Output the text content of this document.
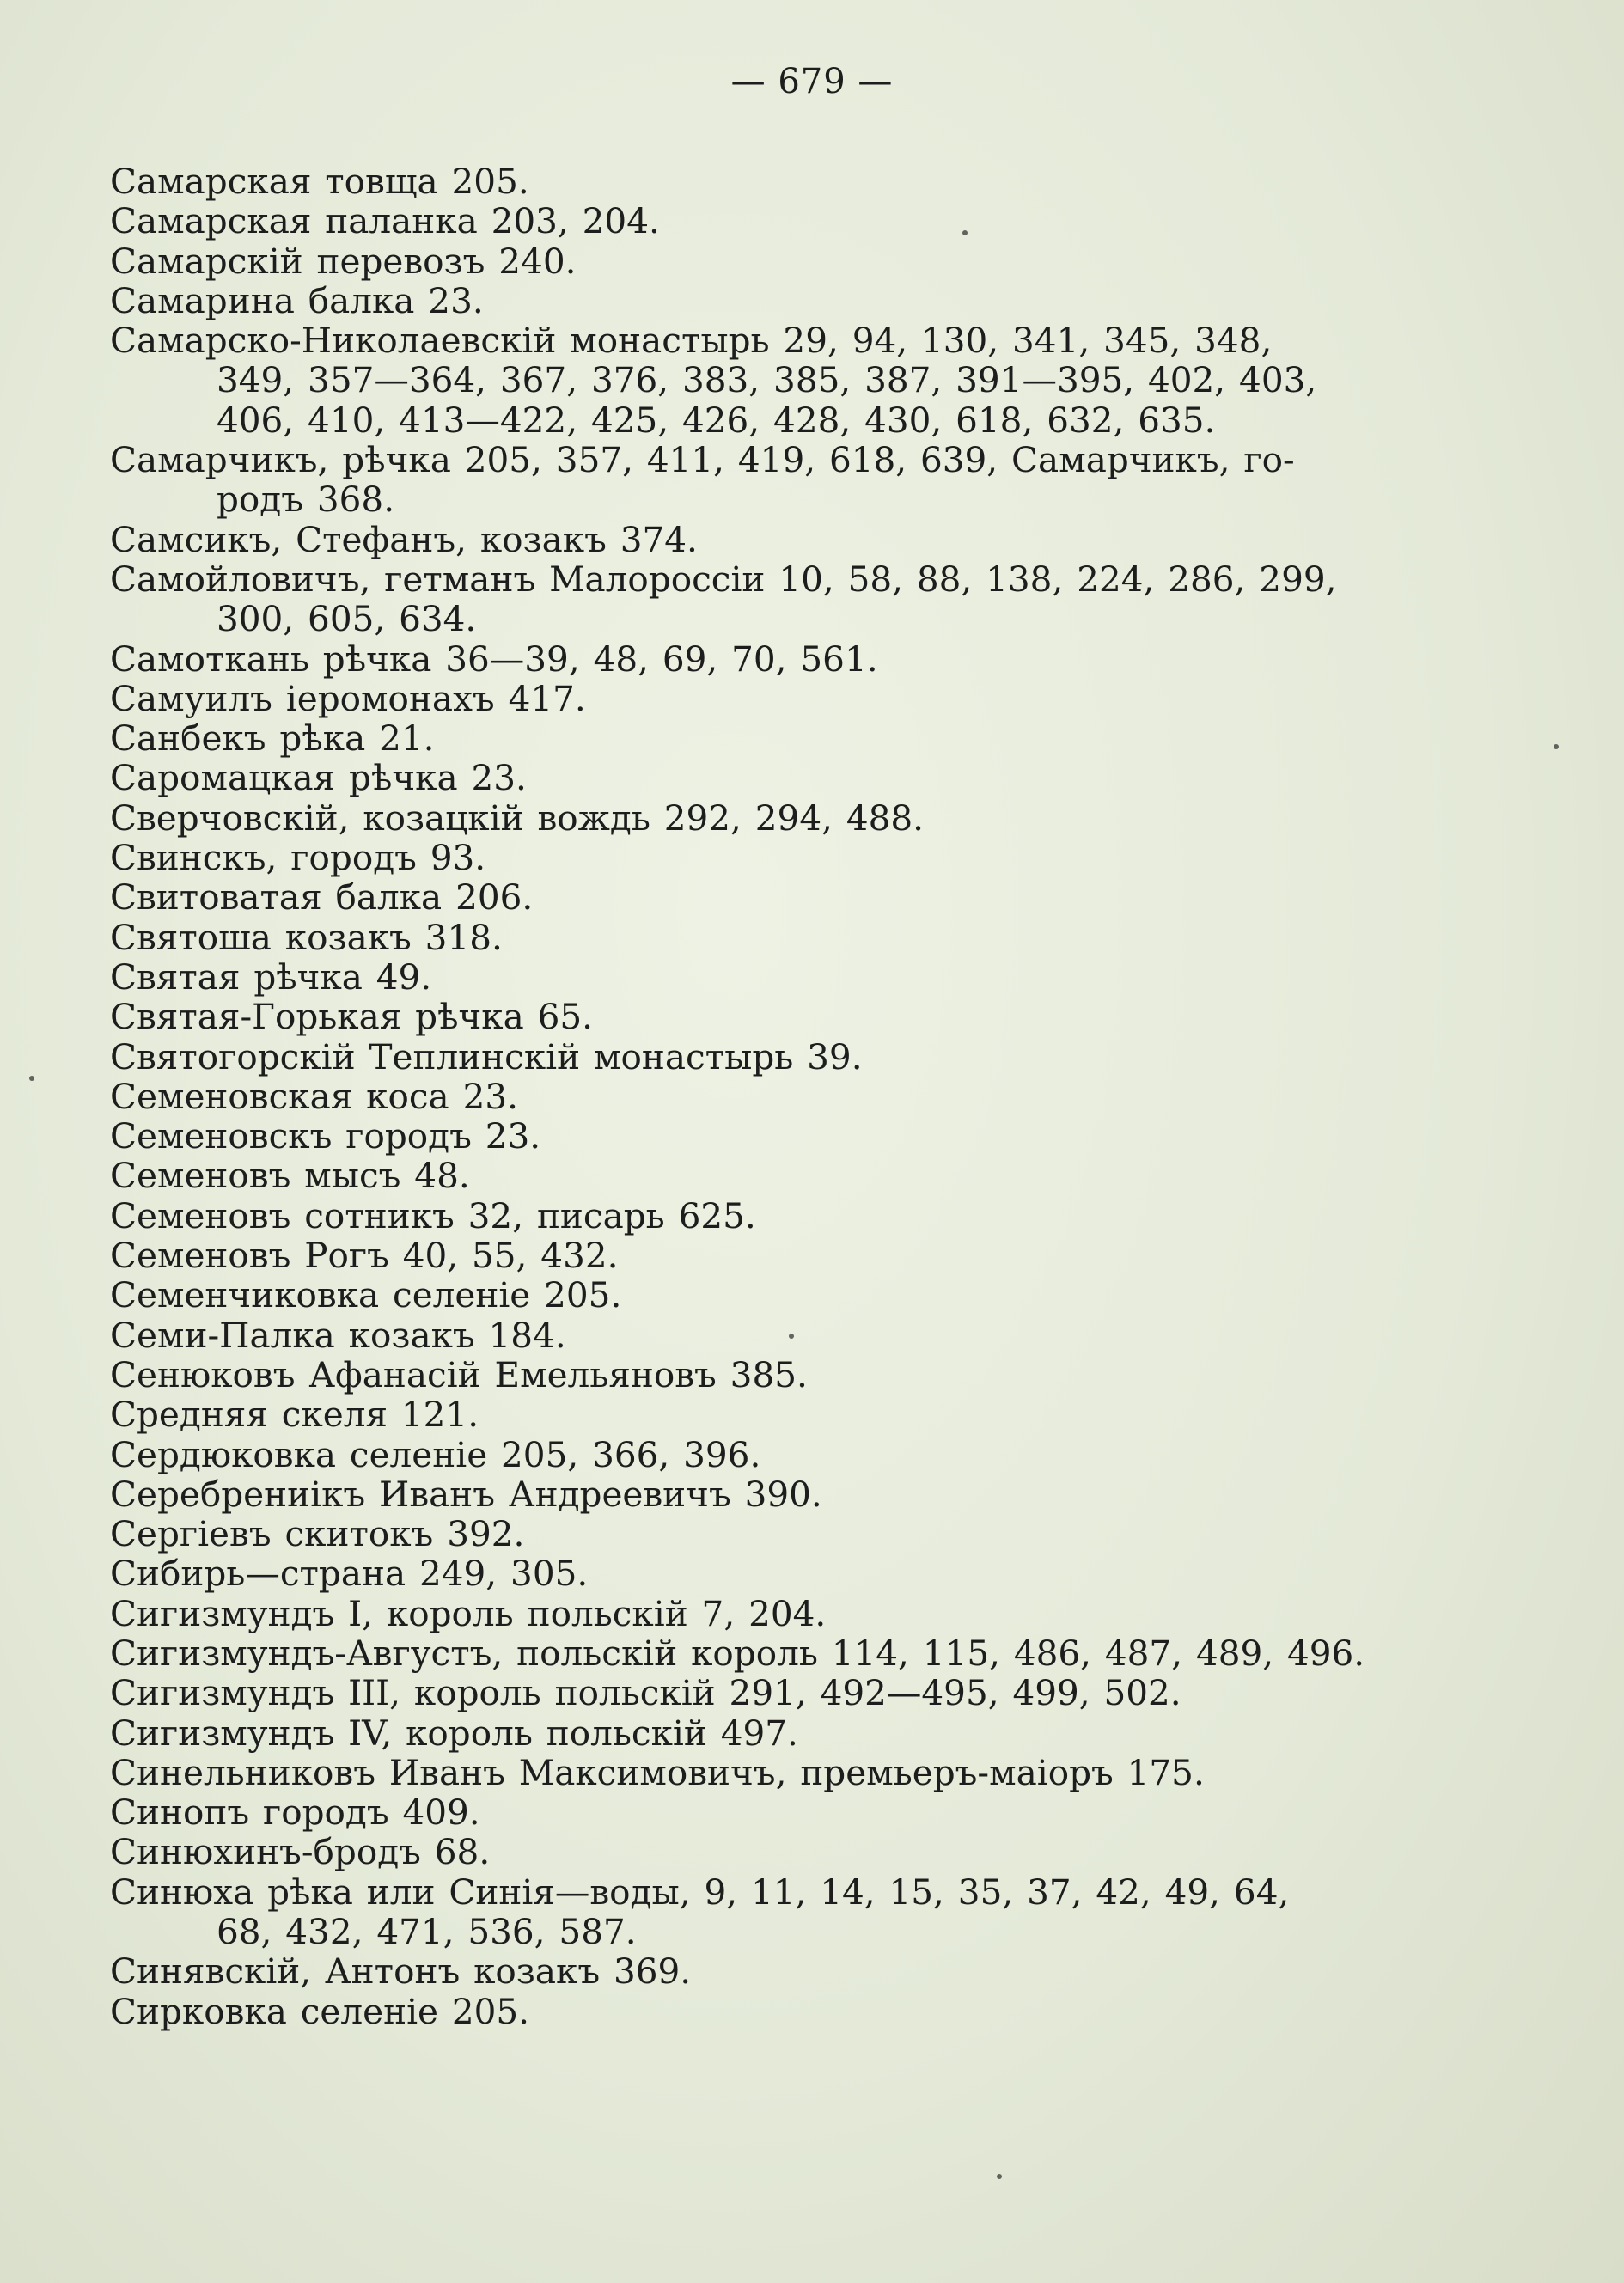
— 679 —
Самарская товща 205.
Самарская паланка 203, 204.
Самарскій перевозъ 240.
Самарина балка 23.
Самарско-Николаевскій монастырь 29, 94, 130, 341, 345, 348,
349, 357—364, 367, 376, 383, 385, 387, 391—395, 402, 403,
406, 410, 413—422, 425, 426, 428, 430, 618, 632, 635.
Самарчикъ, рѣчка 205, 357, 411, 419, 618, 639, Самарчикъ, го-
родъ 368.
Самсикъ, Стефанъ, козакъ 374.
Самойловичъ, гетманъ Малороссіи 10, 58, 88, 138, 224, 286, 299,
300, 605, 634.
Самоткань рѣчка 36—39, 48, 69, 70, 561.
Самуилъ іеромонахъ 417.
Санбекъ рѣка 21.
Саромацкая рѣчка 23.
Сверчовскій, козацкій вождь 292, 294, 488.
Свинскъ, городъ 93.
Свитоватая балка 206.
Святоша козакъ 318.
Святая рѣчка 49.
Святая-Горькая рѣчка 65.
Святогорскій Теплинскій монастырь 39.
Семеновская коса 23.
Семеновскъ городъ 23.
Семеновъ мысъ 48.
Семеновъ сотникъ 32, писарь 625.
Семеновъ Рогъ 40, 55, 432.
Семенчиковка селеніе 205.
Семи-Палка козакъ 184.
Сенюковъ Афанасій Емельяновъ 385.
Средняя скеля 121.
Сердюковка селеніе 205, 366, 396.
Серебрениікъ Иванъ Андреевичъ 390.
Сергіевъ скитокъ 392.
Сибирь—страна 249, 305.
Сигизмундъ I, король польскій 7, 204.
Сигизмундъ-Августъ, польскій король 114, 115, 486, 487, 489, 496.
Сигизмундъ III, король польскій 291, 492—495, 499, 502.
Сигизмундъ IV, король польскій 497.
Синельниковъ Иванъ Максимовичъ, премьеръ-маіоръ 175.
Синопъ городъ 409.
Синюхинъ-бродъ 68.
Синюха рѣка или Синія—воды, 9, 11, 14, 15, 35, 37, 42, 49, 64,
68, 432, 471, 536, 587.
Синявскій, Антонъ козакъ 369.
Сирковка селеніе 205.
